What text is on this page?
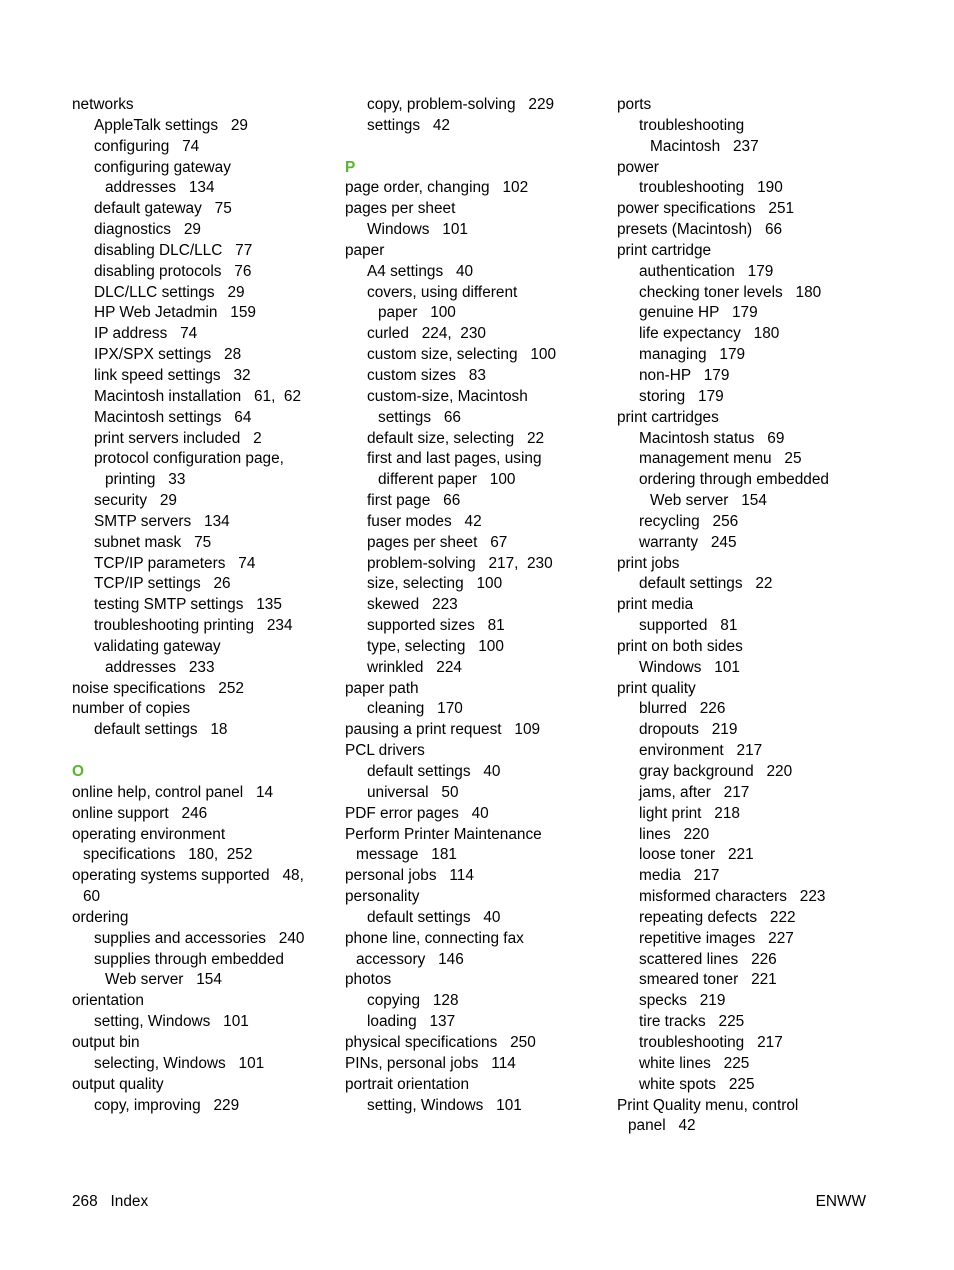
networks
AppleTalk settings   29
configuring   74
configuring gateway
addresses   134
default gateway   75
diagnostics   29
disabling DLC/LLC   77
disabling protocols   76
DLC/LLC settings   29
HP Web Jetadmin   159
IP address   74
IPX/SPX settings   28
link speed settings   32
Macintosh installation   61,  62
Macintosh settings   64
print servers included   2
protocol configuration page,
printing   33
security   29
SMTP servers   134
subnet mask   75
TCP/IP parameters   74
TCP/IP settings   26
testing SMTP settings   135
troubleshooting printing   234
validating gateway
addresses   233
noise specifications   252
number of copies
default settings   18
O
online help, control panel   14
online support   246
operating environment
specifications   180,  252
operating systems supported   48,
60
ordering
supplies and accessories   240
supplies through embedded
Web server   154
orientation
setting, Windows   101
output bin
selecting, Windows   101
output quality
copy, improving   229
copy, problem-solving   229
settings   42
P
page order, changing   102
pages per sheet
Windows   101
paper
A4 settings   40
covers, using different
paper   100
curled   224,  230
custom size, selecting   100
custom sizes   83
custom-size, Macintosh
settings   66
default size, selecting   22
first and last pages, using
different paper   100
first page   66
fuser modes   42
pages per sheet   67
problem-solving   217,  230
size, selecting   100
skewed   223
supported sizes   81
type, selecting   100
wrinkled   224
paper path
cleaning   170
pausing a print request   109
PCL drivers
default settings   40
universal   50
PDF error pages   40
Perform Printer Maintenance
message   181
personal jobs   114
personality
default settings   40
phone line, connecting fax
accessory   146
photos
copying   128
loading   137
physical specifications   250
PINs, personal jobs   114
portrait orientation
setting, Windows   101
ports
troubleshooting
Macintosh   237
power
troubleshooting   190
power specifications   251
presets (Macintosh)   66
print cartridge
authentication   179
checking toner levels   180
genuine HP   179
life expectancy   180
managing   179
non-HP   179
storing   179
print cartridges
Macintosh status   69
management menu   25
ordering through embedded
Web server   154
recycling   256
warranty   245
print jobs
default settings   22
print media
supported   81
print on both sides
Windows   101
print quality
blurred   226
dropouts   219
environment   217
gray background   220
jams, after   217
light print   218
lines   220
loose toner   221
media   217
misformed characters   223
repeating defects   222
repetitive images   227
scattered lines   226
smeared toner   221
specks   219
tire tracks   225
troubleshooting   217
white lines   225
white spots   225
Print Quality menu, control
panel   42
268   Index	ENWW
